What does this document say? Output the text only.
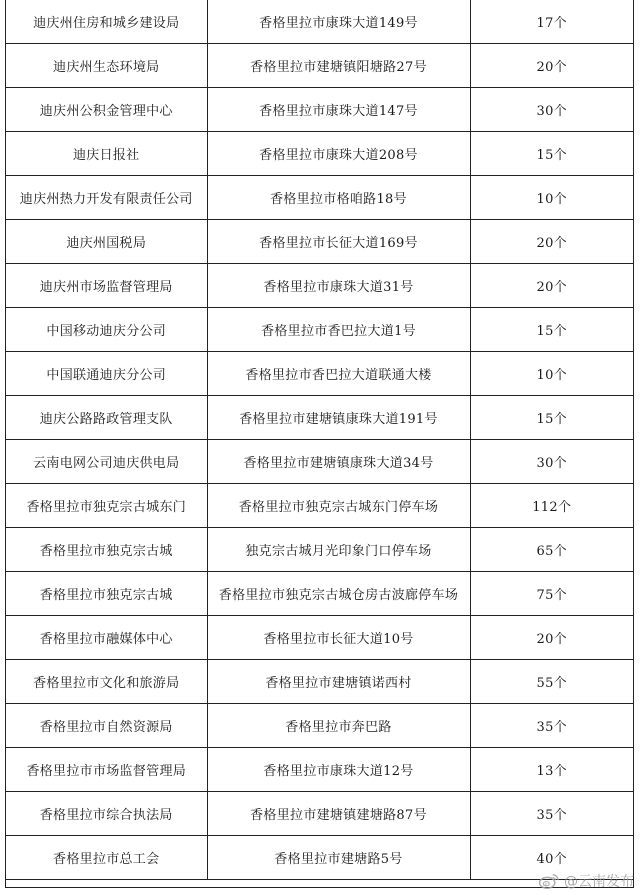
迪庆州住房和城乡建设局	香格里拉市康珠大道149号	17个
迪庆州生态环境局	香格里拉市建塘镇阳塘路27号	20个
迪庆州公积金管理中心	香格里拉市康珠大道147号	30个
迪庆日报社	香格里拉市康珠大道208号	15个
迪庆州热力开发有限责任公司	香格里拉市格咱路18号	10个
迪庆州国税局	香格里拉市长征大道169号	20个
迪庆州市场监督管理局	香格里拉市康珠大道31号	20个
中国移动迪庆分公司	香格里拉市香巴拉大道1号	15个
中国联通迪庆分公司	香格里拉市香巴拉大道联通大楼	10个
迪庆公路路政管理支队	香格里拉市建塘镇康珠大道191号	15个
云南电网公司迪庆供电局	香格里拉市建塘镇康珠大道34号	30个
香格里拉市独克宗古城东门	香格里拉市独克宗古城东门停车场	112个
香格里拉市独克宗古城	独克宗古城月光印象门口停车场	65个
香格里拉市独克宗古城	香格里拉市独克宗古城仓房古波廊停车场	75个
香格里拉市融媒体中心	香格里拉市长征大道10号	20个
香格里拉市文化和旅游局	香格里拉市建塘镇诺西村	55个
香格里拉市自然资源局	香格里拉市奔巴路	35个
香格里拉市市场监督管理局	香格里拉市康珠大道12号	13个
香格里拉市综合执法局	香格里拉市建塘镇建塘路87号	35个
香格里拉市总工会	香格里拉市建塘路5号	40个
@云南发布
